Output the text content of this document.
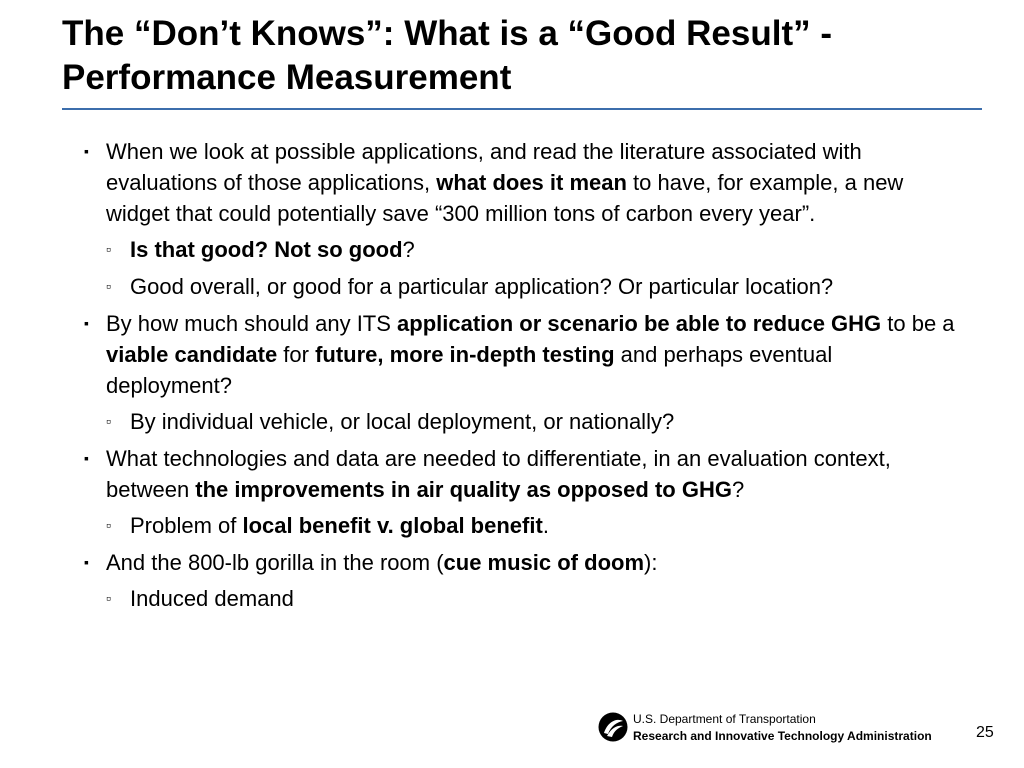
The “Don’t Knows”: What is a “Good Result” - Performance Measurement
▪ When we look at possible applications, and read the literature associated with evaluations of those applications, what does it mean to have, for example, a new widget that could potentially save “300 million tons of carbon every year”.
▫ Is that good? Not so good?
▫ Good overall, or good for a particular application? Or particular location?
▪ By how much should any ITS application or scenario be able to reduce GHG to be a viable candidate for future, more in-depth testing and perhaps eventual deployment?
▫ By individual vehicle, or local deployment, or nationally?
▪ What technologies and data are needed to differentiate, in an evaluation context, between the improvements in air quality as opposed to GHG?
▫ Problem of local benefit v. global benefit.
▪ And the 800-lb gorilla in the room (cue music of doom):
▫ Induced demand
U.S. Department of Transportation
Research and Innovative Technology Administration	25
